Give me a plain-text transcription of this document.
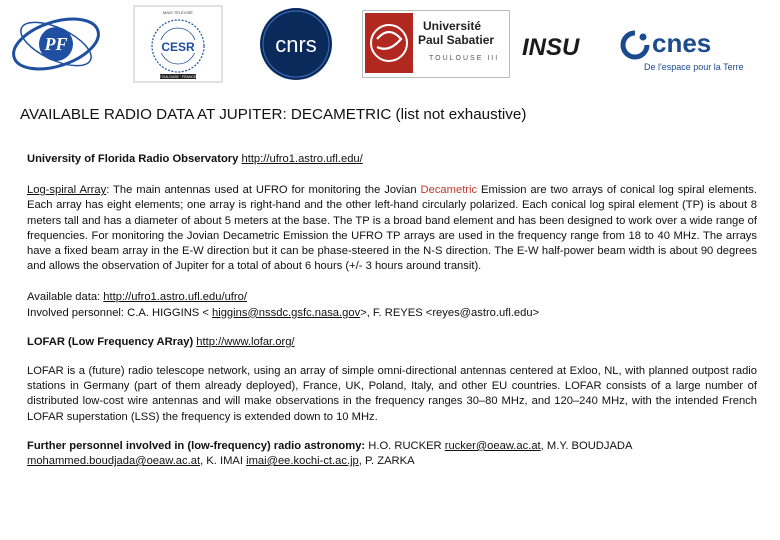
PF
MAIS TÉLÉVISÉ
CESR
TOULOUSE · FRANCE
cnrs
Université
Paul Sabatier
TOULOUSE III INSU	cnes
De l'espace pour la Terre
AVAILABLE RADIO DATA AT JUPITER: DECAMETRIC (list not exhaustive)

University of Florida Radio Observatory http://ufro1.astro.ufl.edu/

Log-spiral Array: The main antennas used at UFRO for monitoring the Jovian Decametric Emission are two arrays of conical log spiral elements. Each array has eight elements; one array is right-hand and the other left-hand circularly polarized. Each conical log spiral element (TP) is about 8 meters tall and has a diameter of about 5 meters at the base. The TP is a broad band element and has been designed to work over a wide range of frequencies. For monitoring the Jovian Decametric Emission the UFRO TP arrays are used in the frequency range from 18 to 40 MHz. The arrays have a fixed beam array in the E-W direction but it can be phase-steered in the N-S direction. The E-W half-power beam width is about 90 degrees and allows the observation of Jupiter for a total of about 6 hours (+/- 3 hours around transit).

Available data: http://ufro1.astro.ufl.edu/ufro/

Involved personnel: C.A. HIGGINS < higgins@nssdc.gsfc.nasa.gov>, F. REYES <reyes@astro.ufl.edu>

LOFAR (Low Frequency ARray) http://www.lofar.org/

LOFAR is a (future) radio telescope network, using an array of simple omni-directional antennas centered at Exloo, NL, with planned outpost radio stations in Germany (part of them already deployed), France, UK, Poland, Italy, and other EU countries. LOFAR consists of a large number of distributed low-cost wire antennas and will make observations in the frequency ranges 30–80 MHz, and 120–240 MHz, with the intended French LOFAR superstation (LSS) the frequency is extended down to 10 MHz.

Further personnel involved in (low-frequency) radio astronomy: H.O. RUCKER rucker@oeaw.ac.at, M.Y. BOUDJADA mohammed.boudjada@oeaw.ac.at, K. IMAI imai@ee.kochi-ct.ac.jp, P. ZARKA
